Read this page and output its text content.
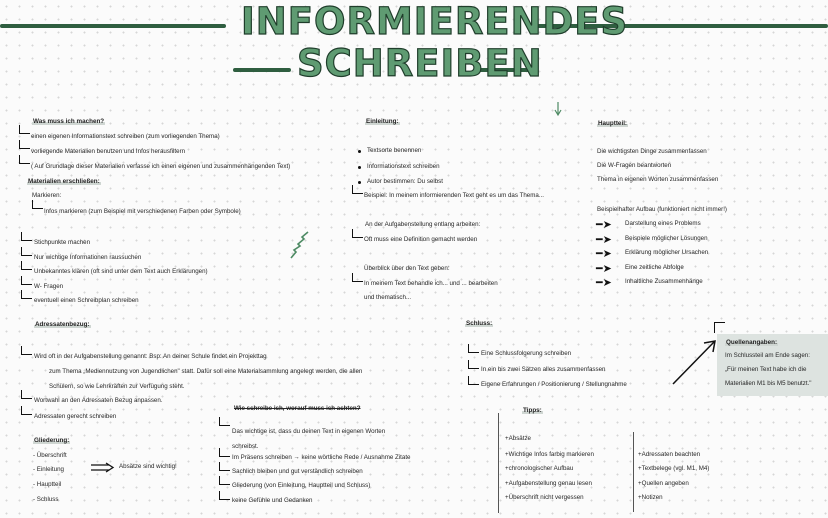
INFORMIERENDES
SCHREIBEN
Was muss ich machen?
einen eigenen Informationstext schreiben (zum vorliegenden Thema)
vorliegende Materialien benutzen und Infos herausfiltern
( Auf Grundlage dieser Materialien verfasse ich einen eigenen und zusammenhängenden Text)
Materialien erschließen:
Markieren:
Infos markieren (zum Beispiel mit verschiedenen Farben oder Symbole)
Stichpunkte machen
Nur wichtige Informationen raussuchen
Unbekanntes klären (oft sind unter dem Text auch Erklärungen)
W- Fragen
eventuell einen Schreibplan schreiben
Einleitung:
Textsorte benennen
Informationstext schreiben
Autor bestimmen: Du selbst
Beispiel: In meinem informierenden Text geht es um das Thema...
An der Aufgabenstellung entlang arbeiten:
Oft muss eine Definition gemacht werden
Überblick über den Text geben:
In meinem Text behandle ich... und ... bearbeiten
und thematisch...
Hauptteil:
Die wichtigsten Dinge zusammenfassen
Die W-Fragen beantworten
Thema in eigenen Worten zusammenfassen
Beispielhafter Aufbau (funktioniert nicht immer!)
━➤ Darstellung eines Problems
━➤ Beispiele möglicher Lösungen
━➤ Erklärung möglicher Ursachen
━➤ Eine zeitliche Abfolge
━➤ Inhaltliche Zusammenhänge
Adressatenbezug:
Wird oft in der Aufgabenstellung genannt: Bsp: An deiner Schule findet ein Projekttag
zum Thema „Mediennutzung von Jugendlichen" statt. Dafür soll eine Materialsammlung angelegt werden, die allen
Schülern, so wie Lehrkräften zur Verfügung steht.
Wortwahl an den Adressaten Bezug anpassen.
Adressaten gerecht schreiben
Schluss:
Eine Schlussfolgerung schreiben
In ein bis zwei Sätzen alles zusammenfassen
Eigene Erfahrungen / Positionierung / Stellungnahme
Quellenangaben:
Im Schlussteil am Ende sagen:
„Für meinen Text habe ich die
Materialien M1 bis M5 benutzt."
Gliederung:
- Überschrift
- Einleitung
- Hauptteil
- Schluss
Absätze sind wichtig!
Wie schreibe ich, worauf muss ich achten?
Das wichtige ist, dass du deinen Text in eigenen Worten schreibst.
Im Präsens schreiben → keine wörtliche Rede / Ausnahme Zitate
Sachlich bleiben und gut verständlich schreiben
Gliederung (von Einleitung, Hauptteil und Schluss)
keine Gefühle und Gedanken
Tipps:
+Absätze
+Wichtige Infos farbig markieren
+chronologischer Aufbau
+Aufgabenstellung genau lesen
+Überschrift nicht vergessen
+Adressaten beachten
+Textbelege (vgl. M1, M4)
+Quellen angeben
+Notizen
